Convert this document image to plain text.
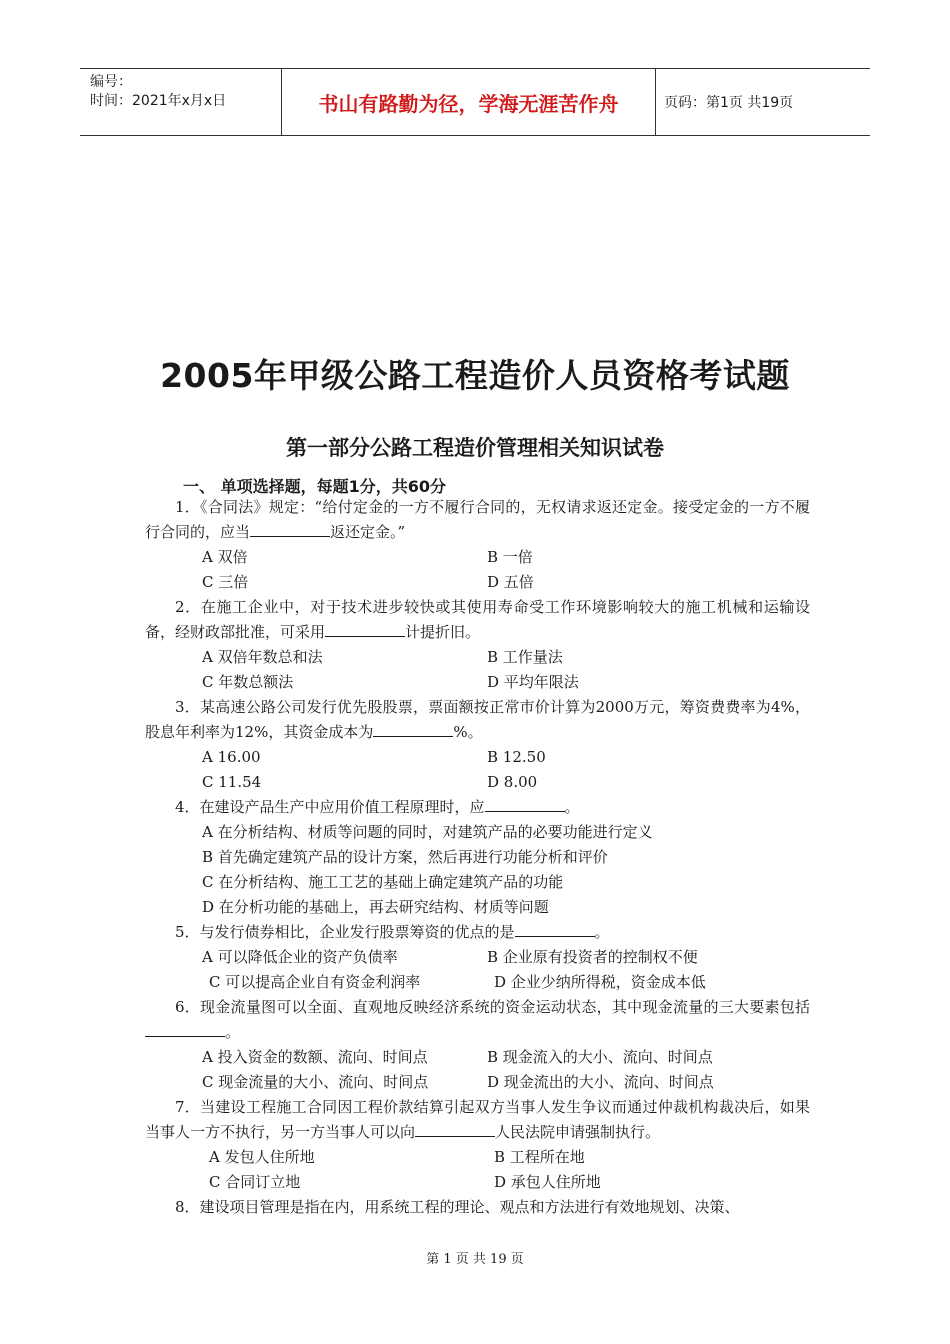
编号：
时间：2021年x月x日	书山有路勤为径，学海无涯苦作舟	页码：第1页 共19页
2005年甲级公路工程造价人员资格考试题
第一部分公路工程造价管理相关知识试卷
一、 单项选择题，每题1分，共60分
1．《合同法》规定：“给付定金的一方不履行合同的，无权请求返还定金。接受定金的一方不履行合同的，应当	返还定金。”
A 双倍	B 一倍
C 三倍	D 五倍
2．在施工企业中，对于技术进步较快或其使用寿命受工作环境影响较大的施工机械和运输设备，经财政部批准，可采用	计提折旧。
A 双倍年数总和法	B 工作量法
C 年数总额法	D 平均年限法
3．某高速公路公司发行优先股股票，票面额按正常市价计算为2000万元，筹资费费率为4%，股息年利率为12%，其资金成本为	%。
A 16.00	B 12.50
C 11.54	D 8.00
4．在建设产品生产中应用价值工程原理时，应	。
A 在分析结构、材质等问题的同时，对建筑产品的必要功能进行定义
B 首先确定建筑产品的设计方案，然后再进行功能分析和评价
C 在分析结构、施工工艺的基础上确定建筑产品的功能
D 在分析功能的基础上，再去研究结构、材质等问题
5．与发行债券相比，企业发行股票筹资的优点的是	。
A 可以降低企业的资产负债率	B 企业原有投资者的控制权不便
C 可以提高企业自有资金利润率	D 企业少纳所得税，资金成本低
6．现金流量图可以全面、直观地反映经济系统的资金运动状态，其中现金流量的三大要素包括。
A 投入资金的数额、流向、时间点	B 现金流入的大小、流向、时间点
C 现金流量的大小、流向、时间点	D 现金流出的大小、流向、时间点
7．当建设工程施工合同因工程价款结算引起双方当事人发生争议而通过仲裁机构裁决后，如果当事人一方不执行，另一方当事人可以向	人民法院申请强制执行。
A 发包人住所地	B 工程所在地
C 合同订立地	D 承包人住所地
8．建设项目管理是指在内，用系统工程的理论、观点和方法进行有效地规划、决策、
第 1 页 共 19 页
